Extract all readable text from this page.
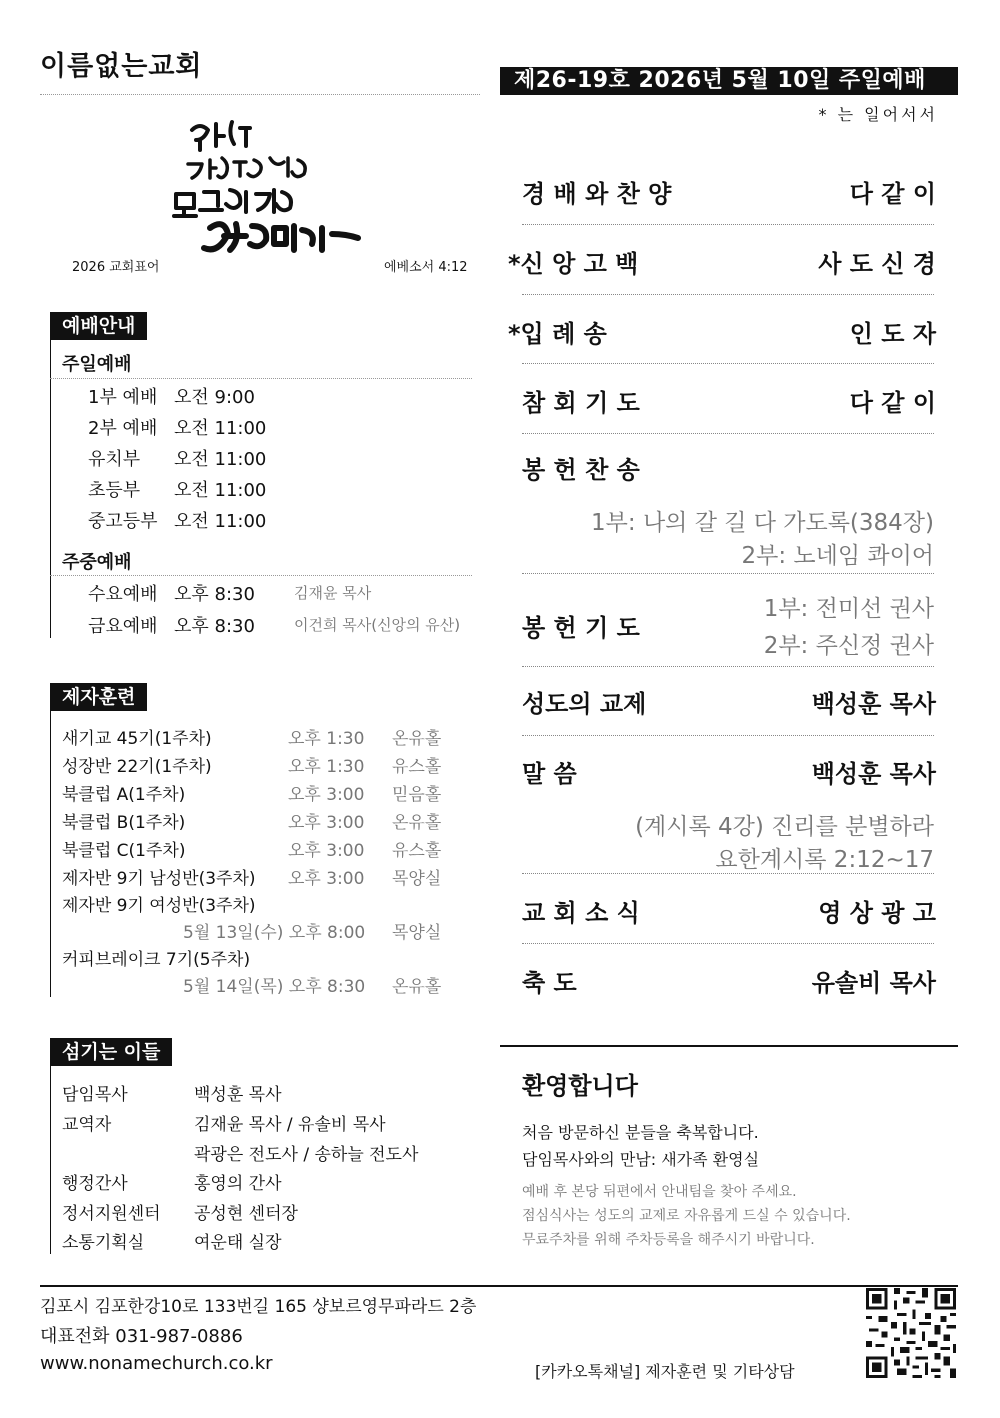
이름없는교회	제26-19호 2026년 5월 10일 주일예배
* 는 일어서서
2026 교회표어	에베소서 4:12
예배안내
주일예배
1부 예배 오전 9:00
2부 예배 오전 11:00
유치부 오전 11:00
초등부 오전 11:00
중고등부 오전 11:00
주중예배
수요예배 오후 8:30	김재윤 목사
금요예배 오후 8:30	이건희 목사(신앙의 유산)
제자훈련
새기교 45기(1주차)	오후 1:30 온유홀
성장반 22기(1주차)	오후 1:30 유스홀
북클럽 A(1주차)	오후 3:00 믿음홀
북클럽 B(1주차)	오후 3:00 온유홀
북클럽 C(1주차)	오후 3:00 유스홀
제자반 9기 남성반(3주차) 오후 3:00 목양실
제자반 9기 여성반(3주차)
5월 13일(수) 오후 8:00 목양실
커피브레이크 7기(5주차)
5월 14일(목) 오후 8:30 온유홀
섬기는 이들
담임목사	백성훈 목사
교역자	김재윤 목사 / 유솔비 목사
곽광은 전도사 / 송하늘 전도사
행정간사	홍영의 간사
정서지원센터 공성현 센터장
소통기획실	여운태 실장
경 배 와 찬 양	다 같 이
*신 앙 고 백	사 도 신 경
*입 례 송	인 도 자
참 회 기 도	다 같 이
봉 헌 찬 송
1부: 나의 갈 길 다 가도록(384장)
2부: 노네임 콰이어
1부: 전미선 권사
봉 헌 기 도
2부: 주신정 권사
성도의 교제	백성훈 목사
말 씀	백성훈 목사
(계시록 4강) 진리를 분별하라
요한계시록 2:12~17
교 회 소 식	영 상 광 고
축 도	유솔비 목사
환영합니다
처음 방문하신 분들을 축복합니다.
담임목사와의 만남: 새가족 환영실
예배 후 본당 뒤편에서 안내팀을 찾아 주세요.
점심식사는 성도의 교제로 자유롭게 드실 수 있습니다.
무료주차를 위해 주차등록을 해주시기 바랍니다.
김포시 김포한강10로 133번길 165 샹보르영무파라드 2층
대표전화 031-987-0886
www.nonamechurch.co.kr	[카카오톡채널] 제자훈련 및 기타상담
